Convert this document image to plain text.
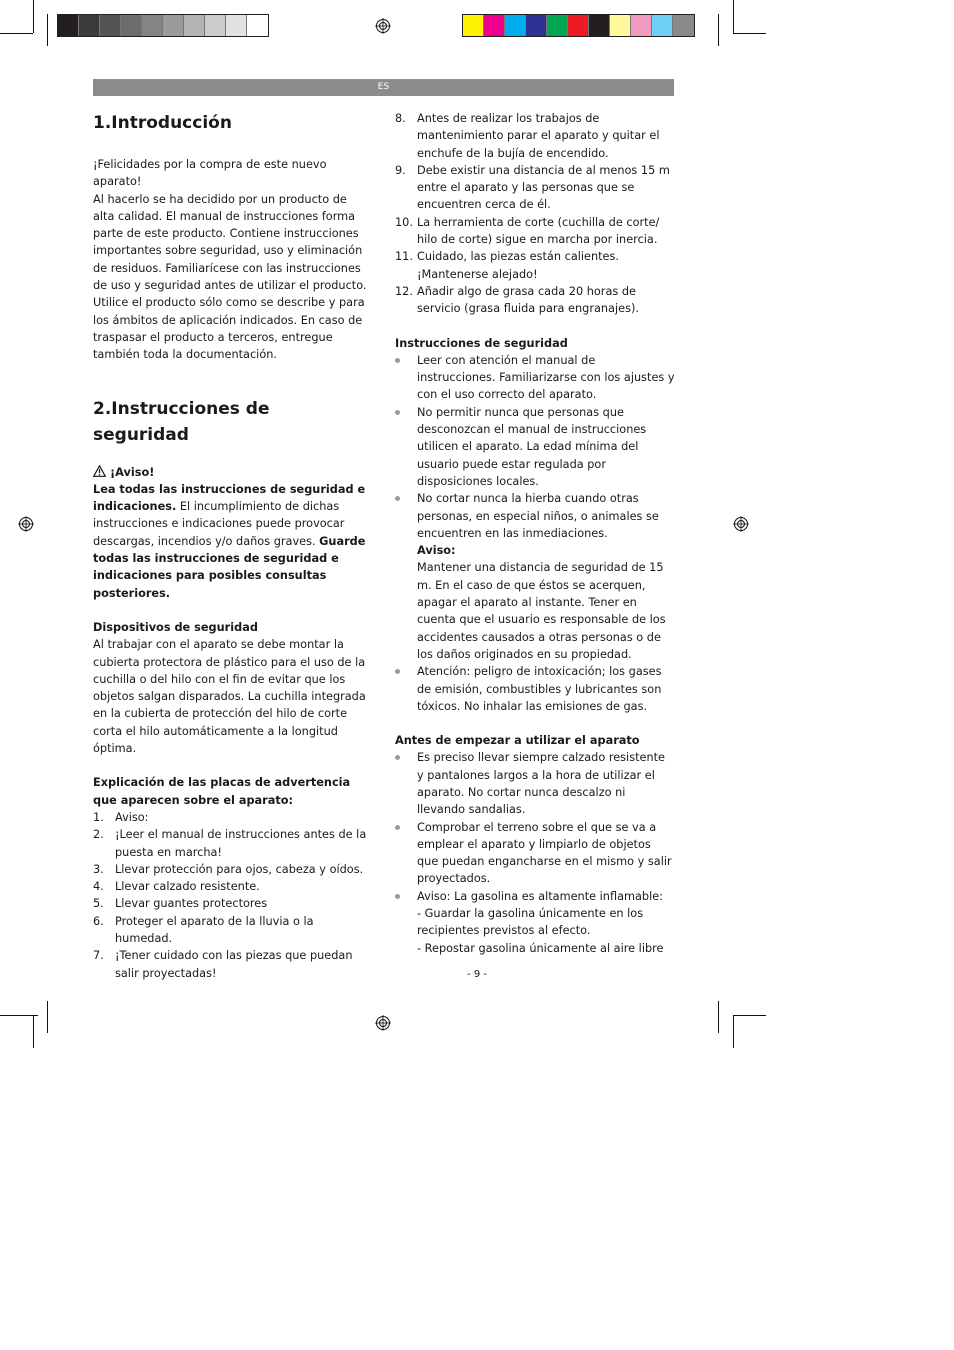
ES
1.Introducción

¡Felicidades por la compra de este nuevo aparato!

Al hacerlo se ha decidido por un producto de alta calidad. El manual de instrucciones forma parte de este producto. Contiene instrucciones importantes sobre seguridad, uso y eliminación de residuos. Familiarícese con las instrucciones de uso y seguridad antes de utilizar el producto. Utilice el producto sólo como se describe y para los ámbitos de aplicación indicados. En caso de traspasar el producto a terceros, entregue también toda la documentación.

2.Instrucciones de seguridad

¡Aviso!
Lea todas las instrucciones de seguridad e indicaciones. El incumplimiento de dichas instrucciones e indicaciones puede provocar descargas, incendios y/o daños graves. Guarde todas las instrucciones de seguridad e indicaciones para posibles consultas posteriores.

Dispositivos de seguridad

Al trabajar con el aparato se debe montar la cubierta protectora de plástico para el uso de la cuchilla o del hilo con el fin de evitar que los objetos salgan disparados. La cuchilla integrada en la cubierta de protección del hilo de corte corta el hilo automáticamente a la longitud óptima.

Explicación de las placas de advertencia que aparecen sobre el aparato:

1. Aviso:
2. ¡Leer el manual de instrucciones antes de la puesta en marcha!
3. Llevar protección para ojos, cabeza y oídos.
4. Llevar calzado resistente.
5. Llevar guantes protectores
6. Proteger el aparato de la lluvia o la humedad.
7. ¡Tener cuidado con las piezas que puedan salir proyectadas!
8. Antes de realizar los trabajos de mantenimiento parar el aparato y quitar el enchufe de la bujía de encendido.
9. Debe existir una distancia de al menos 15 m entre el aparato y las personas que se encuentren cerca de él.
10. La herramienta de corte (cuchilla de corte/ hilo de corte) sigue en marcha por inercia.
11. Cuidado, las piezas están calientes. ¡Mantenerse alejado!
12. Añadir algo de grasa cada 20 horas de servicio (grasa fluida para engranajes).

Instrucciones de seguridad

Leer con atención el manual de instrucciones. Familiarizarse con los ajustes y con el uso correcto del aparato.
No permitir nunca que personas que desconozcan el manual de instrucciones utilicen el aparato. La edad mínima del usuario puede estar regulada por disposiciones locales.
No cortar nunca la hierba cuando otras personas, en especial niños, o animales se encuentren en las inmediaciones.
Aviso:
Mantener una distancia de seguridad de 15 m. En el caso de que éstos se acerquen, apagar el aparato al instante. Tener en cuenta que el usuario es responsable de los accidentes causados a otras personas o de los daños originados en su propiedad.
Atención: peligro de intoxicación; los gases de emisión, combustibles y lubricantes son tóxicos. No inhalar las emisiones de gas.

Antes de empezar a utilizar el aparato

Es preciso llevar siempre calzado resistente y pantalones largos a la hora de utilizar el aparato. No cortar nunca descalzo ni llevando sandalias.
Comprobar el terreno sobre el que se va a emplear el aparato y limpiarlo de objetos que puedan engancharse en el mismo y salir proyectados.
Aviso: La gasolina es altamente inflamable:
- Guardar la gasolina únicamente en los recipientes previstos al efecto.
- Repostar gasolina únicamente al aire libre
- 9 -
